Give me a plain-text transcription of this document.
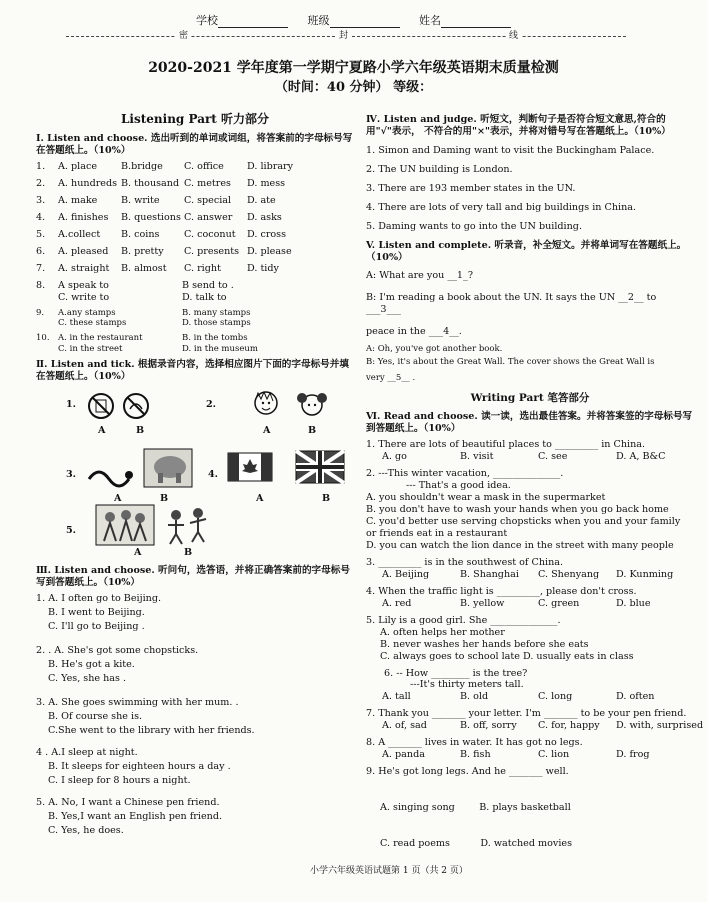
学校	班级	姓名
密	封	线
2020-2021 学年度第一学期宁夏路小学六年级英语期末质量检测
（时间：40 分钟） 等级：
Listening Part 听力部分
Ⅰ. Listen and choose. 选出听到的单词或词组，将答案前的字母标号写在答题纸上。（10%）
1.	A. place	B.bridge	C. office	D. library
2.	A. hundreds B. thousand C. metres	D. mess
3.	A. make	B. write	C. special	D. ate
4.	A. finishes	B. questions C. answer	D. asks
5.	A.collect	B. coins	C. coconut	D. cross
6.	A. pleased	B. pretty	C. presents D. please
7.	A. straight	B. almost	C. right	D. tidy
8.	A speak to	B send to .
C. write to	D. talk to
9.	A.any stamps	B. many stamps
C. these stamps	D. those stamps
10. A. in the restaurant	B. in the tombs
C. in the street	D. in the museum
Ⅱ. Listen and tick. 根据录音内容，选择相应图片下面的字母标号并填在答题纸上。（10%）
1.
A	B
2.
A	B
3.
A	B
4.
A	B
5.
A	B
Ⅲ. Listen and choose. 听问句，选答语，并将正确答案前的字母标号写到答题纸上。（10%）
1. A. I often go to Beijing.
B. I went to Beijing.
C. I'll go to Beijing .
2. . A. She's got some chopsticks.
B. He's got a kite.
C. Yes, she has .
3. A. She goes swimming with her mum. .
B. Of course she is.
C.She went to the library with her friends.
4 . A.I sleep at night.
B. It sleeps for eighteen hours a day .
C. I sleep for 8 hours a night.
5. A. No, I want a Chinese pen friend.
B. Yes,I want an English pen friend.
C. Yes, he does.
Ⅳ. Listen and judge. 听短文，判断句子是否符合短文意思,符合的用"√"表示， 不符合的用"×"表示，并将对错号写在答题纸上。（10%）
1. Simon and Daming want to visit the Buckingham Palace.
2. The UN building is London.
3. There are 193 member states in the UN.
4. There are lots of very tall and big buildings in China.
5. Daming wants to go into the UN building.
V. Listen and complete. 听录音，补全短文。并将单词写在答题纸上。（10%）
A: What are you __1_?
B: I'm reading a book about the UN. It says the UN __2__ to ___3___
peace in the ___4__.
A: Oh, you've got another book.
B: Yes, it's about the Great Wall. The cover shows the Great Wall is
very __5__ .
Writing Part 笔答部分
Ⅵ. Read and choose. 读一读，选出最佳答案。并将答案签的字母标号写到答题纸上。（10%）
1. There are lots of beautiful places to _________ in China.
A. go	B. visit	C. see	D. A, B&C
2. ---This winter vacation, ______________.
--- That's a good idea.
A. you shouldn't wear a mask in the supermarket
B. you don't have to wash your hands when you go back home
C. you'd better use serving chopsticks when you and your family
or friends eat in a restaurant
D. you can watch the lion dance in the street with many people
3. _________ is in the southwest of China.
A. Beijing	B. Shanghai	C. Shenyang	D. Kunming
4. When the traffic light is _________, please don't cross.
A. red	B. yellow	C. green	D. blue
5. Lily is a good girl. She ______________.
A. often helps her mother
B. never washes her hands before she eats
C. always goes to school late D. usually eats in class
6. -- How ________ is the tree?
---It's thirty meters tall.
A. tall	B. old	C. long	D. often
7. Thank you _______ your letter. I'm _______ to be your pen friend.
A. of, sad	B. off, sorry	C. for, happy	D. with, surprised
8. A _______ lives in water. It has got no legs.
A. panda	B. fish	C. lion	D. frog
9. He's got long legs. And he _______ well.

A. singing song        B. plays basketball

C. read poems          D. watched movies

小学六年级英语试题第 1 页（共 2 页）
